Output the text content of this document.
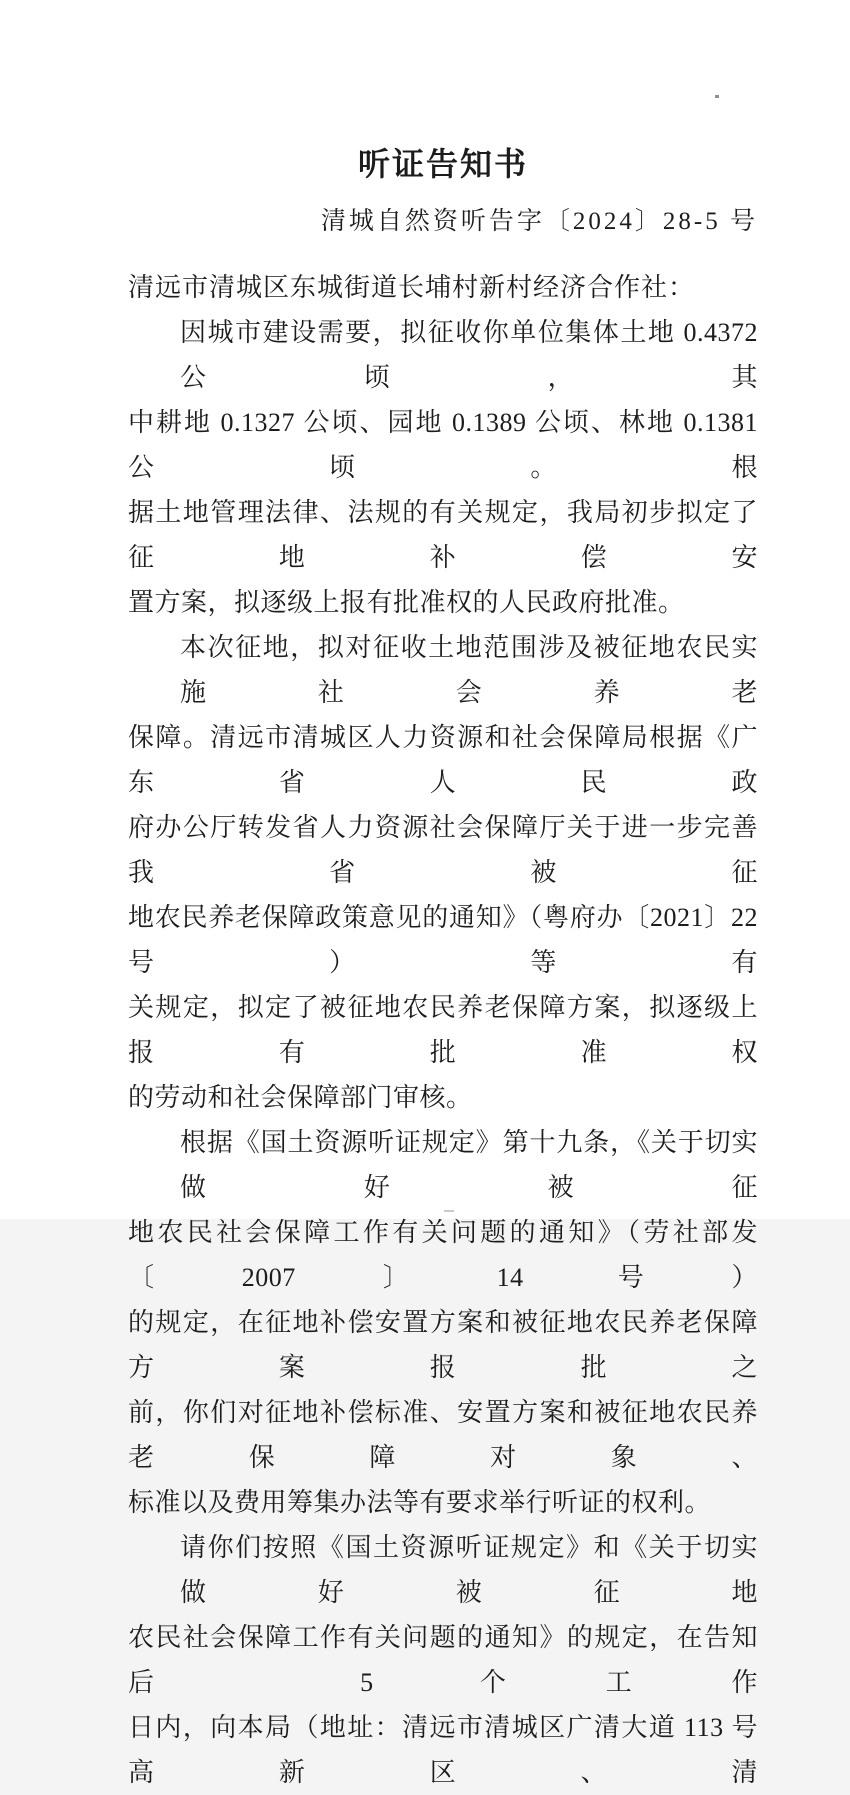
听证告知书
清城自然资听告字〔2024〕28-5 号
清远市清城区东城街道长埔村新村经济合作社：
因城市建设需要，拟征收你单位集体土地 0.4372 公顷，其
中耕地 0.1327 公顷、园地 0.1389 公顷、林地 0.1381 公顷。根
据土地管理法律、法规的有关规定，我局初步拟定了征地补偿安
置方案，拟逐级上报有批准权的人民政府批准。
本次征地，拟对征收土地范围涉及被征地农民实施社会养老
保障。清远市清城区人力资源和社会保障局根据《广东省人民政
府办公厅转发省人力资源社会保障厅关于进一步完善我省被征
地农民养老保障政策意见的通知》（粤府办〔2021〕22 号）等有
关规定，拟定了被征地农民养老保障方案，拟逐级上报有批准权
的劳动和社会保障部门审核。
根据《国土资源听证规定》第十九条，《关于切实做好被征
地农民社会保障工作有关问题的通知》（劳社部发〔2007〕14 号）
的规定，在征地补偿安置方案和被征地农民养老保障方案报批之
前，你们对征地补偿标准、安置方案和被征地农民养老保障对象、
标准以及费用筹集办法等有要求举行听证的权利。
请你们按照《国土资源听证规定》和《关于切实做好被征地
农民社会保障工作有关问题的通知》的规定，在告知后 5 个工作
日内，向本局（地址：清远市清城区广清大道 113 号高新区、清
